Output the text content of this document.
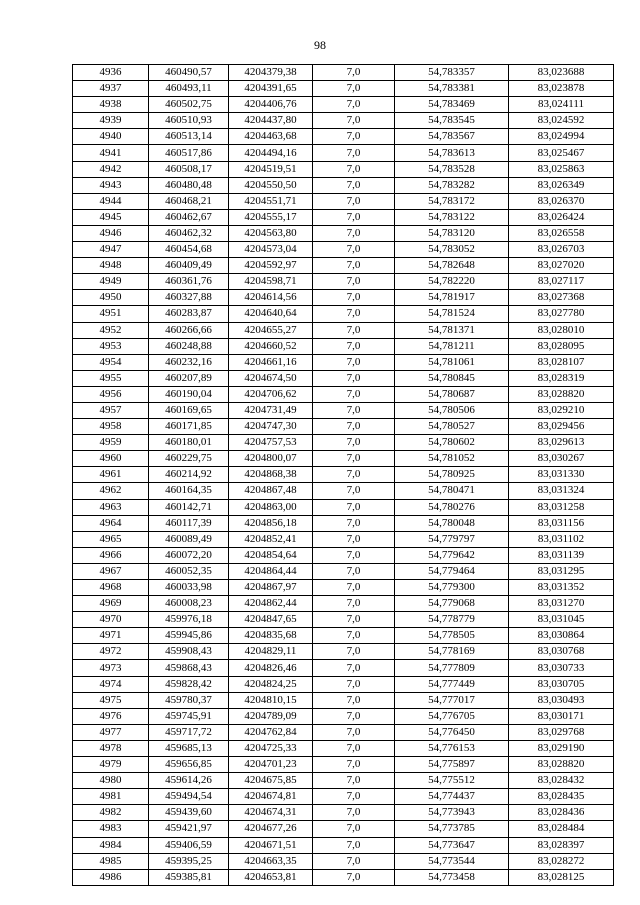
98
4936	460490,57	4204379,38	7,0	54,783357	83,023688
4937	460493,11	4204391,65	7,0	54,783381	83,023878
4938	460502,75	4204406,76	7,0	54,783469	83,024111
4939	460510,93	4204437,80	7,0	54,783545	83,024592
4940	460513,14	4204463,68	7,0	54,783567	83,024994
4941	460517,86	4204494,16	7,0	54,783613	83,025467
4942	460508,17	4204519,51	7,0	54,783528	83,025863
4943	460480,48	4204550,50	7,0	54,783282	83,026349
4944	460468,21	4204551,71	7,0	54,783172	83,026370
4945	460462,67	4204555,17	7,0	54,783122	83,026424
4946	460462,32	4204563,80	7,0	54,783120	83,026558
4947	460454,68	4204573,04	7,0	54,783052	83,026703
4948	460409,49	4204592,97	7,0	54,782648	83,027020
4949	460361,76	4204598,71	7,0	54,782220	83,027117
4950	460327,88	4204614,56	7,0	54,781917	83,027368
4951	460283,87	4204640,64	7,0	54,781524	83,027780
4952	460266,66	4204655,27	7,0	54,781371	83,028010
4953	460248,88	4204660,52	7,0	54,781211	83,028095
4954	460232,16	4204661,16	7,0	54,781061	83,028107
4955	460207,89	4204674,50	7,0	54,780845	83,028319
4956	460190,04	4204706,62	7,0	54,780687	83,028820
4957	460169,65	4204731,49	7,0	54,780506	83,029210
4958	460171,85	4204747,30	7,0	54,780527	83,029456
4959	460180,01	4204757,53	7,0	54,780602	83,029613
4960	460229,75	4204800,07	7,0	54,781052	83,030267
4961	460214,92	4204868,38	7,0	54,780925	83,031330
4962	460164,35	4204867,48	7,0	54,780471	83,031324
4963	460142,71	4204863,00	7,0	54,780276	83,031258
4964	460117,39	4204856,18	7,0	54,780048	83,031156
4965	460089,49	4204852,41	7,0	54,779797	83,031102
4966	460072,20	4204854,64	7,0	54,779642	83,031139
4967	460052,35	4204864,44	7,0	54,779464	83,031295
4968	460033,98	4204867,97	7,0	54,779300	83,031352
4969	460008,23	4204862,44	7,0	54,779068	83,031270
4970	459976,18	4204847,65	7,0	54,778779	83,031045
4971	459945,86	4204835,68	7,0	54,778505	83,030864
4972	459908,43	4204829,11	7,0	54,778169	83,030768
4973	459868,43	4204826,46	7,0	54,777809	83,030733
4974	459828,42	4204824,25	7,0	54,777449	83,030705
4975	459780,37	4204810,15	7,0	54,777017	83,030493
4976	459745,91	4204789,09	7,0	54,776705	83,030171
4977	459717,72	4204762,84	7,0	54,776450	83,029768
4978	459685,13	4204725,33	7,0	54,776153	83,029190
4979	459656,85	4204701,23	7,0	54,775897	83,028820
4980	459614,26	4204675,85	7,0	54,775512	83,028432
4981	459494,54	4204674,81	7,0	54,774437	83,028435
4982	459439,60	4204674,31	7,0	54,773943	83,028436
4983	459421,97	4204677,26	7,0	54,773785	83,028484
4984	459406,59	4204671,51	7,0	54,773647	83,028397
4985	459395,25	4204663,35	7,0	54,773544	83,028272
4986	459385,81	4204653,81	7,0	54,773458	83,028125
